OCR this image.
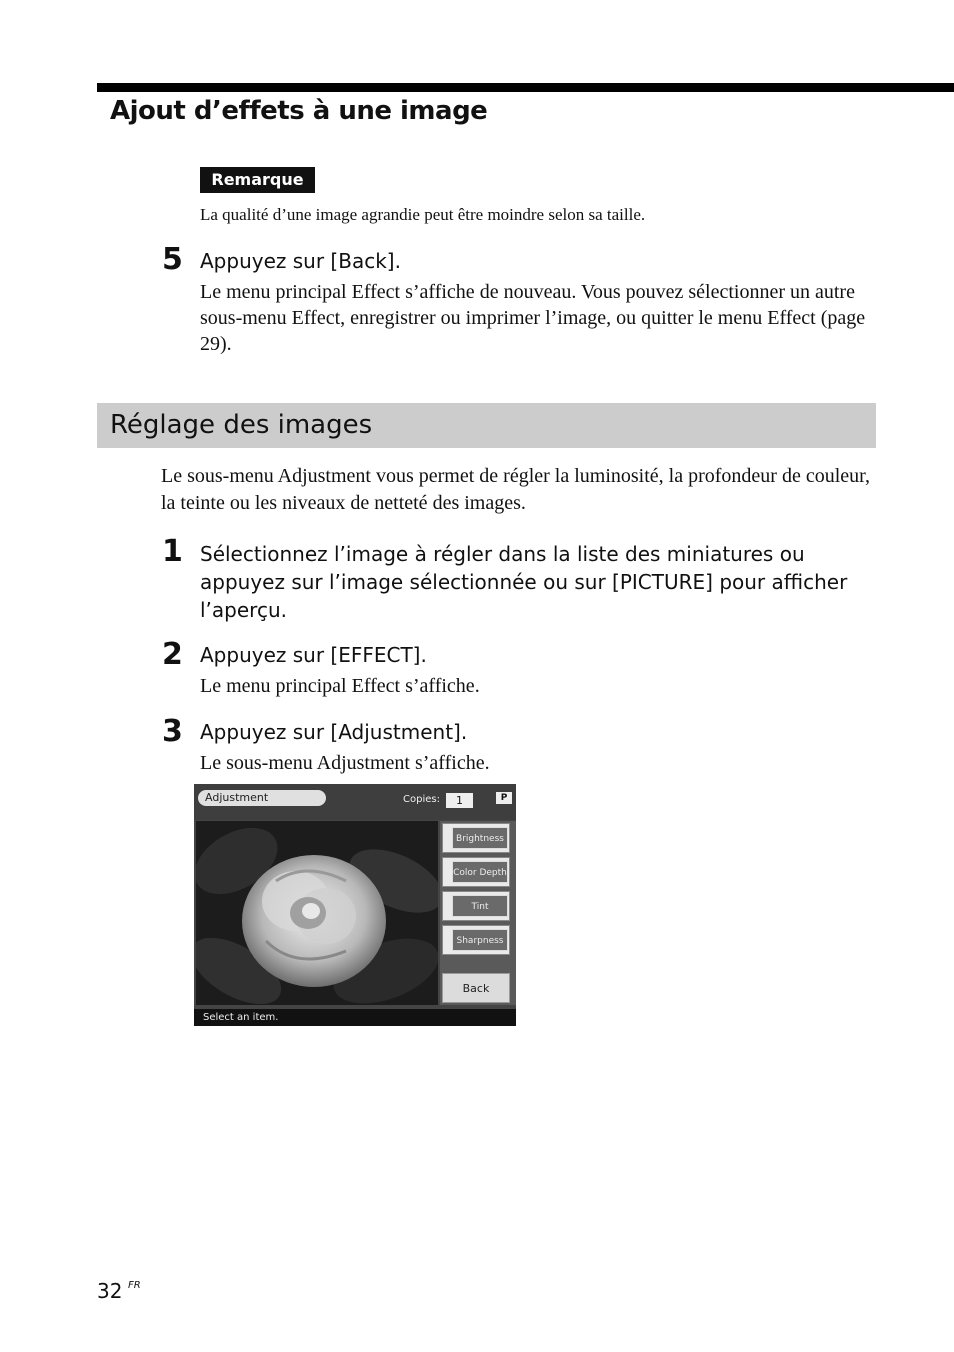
Ajout d’effets à une image
Remarque
La qualité d’une image agrandie peut être moindre selon sa taille.
5 Appuyez sur [Back].
Le menu principal Effect s’affiche de nouveau. Vous pouvez sélectionner un autre sous-menu Effect, enregistrer ou imprimer l’image, ou quitter le menu Effect (page 29).
Réglage des images
Le sous-menu Adjustment vous permet de régler la luminosité, la profondeur de couleur, la teinte ou les niveaux de netteté des images.
1 Sélectionnez l’image à régler dans la liste des miniatures ou appuyez sur l’image sélectionnée ou sur [PICTURE] pour afficher l’aperçu.
2 Appuyez sur [EFFECT].
Le menu principal Effect s’affiche.
3 Appuyez sur [Adjustment].
Le sous-menu Adjustment s’affiche.
Adjustment	Copies:	1	P
Brightness
Color Depth
Tint
Sharpness
Back
Select an item.
32 FR
